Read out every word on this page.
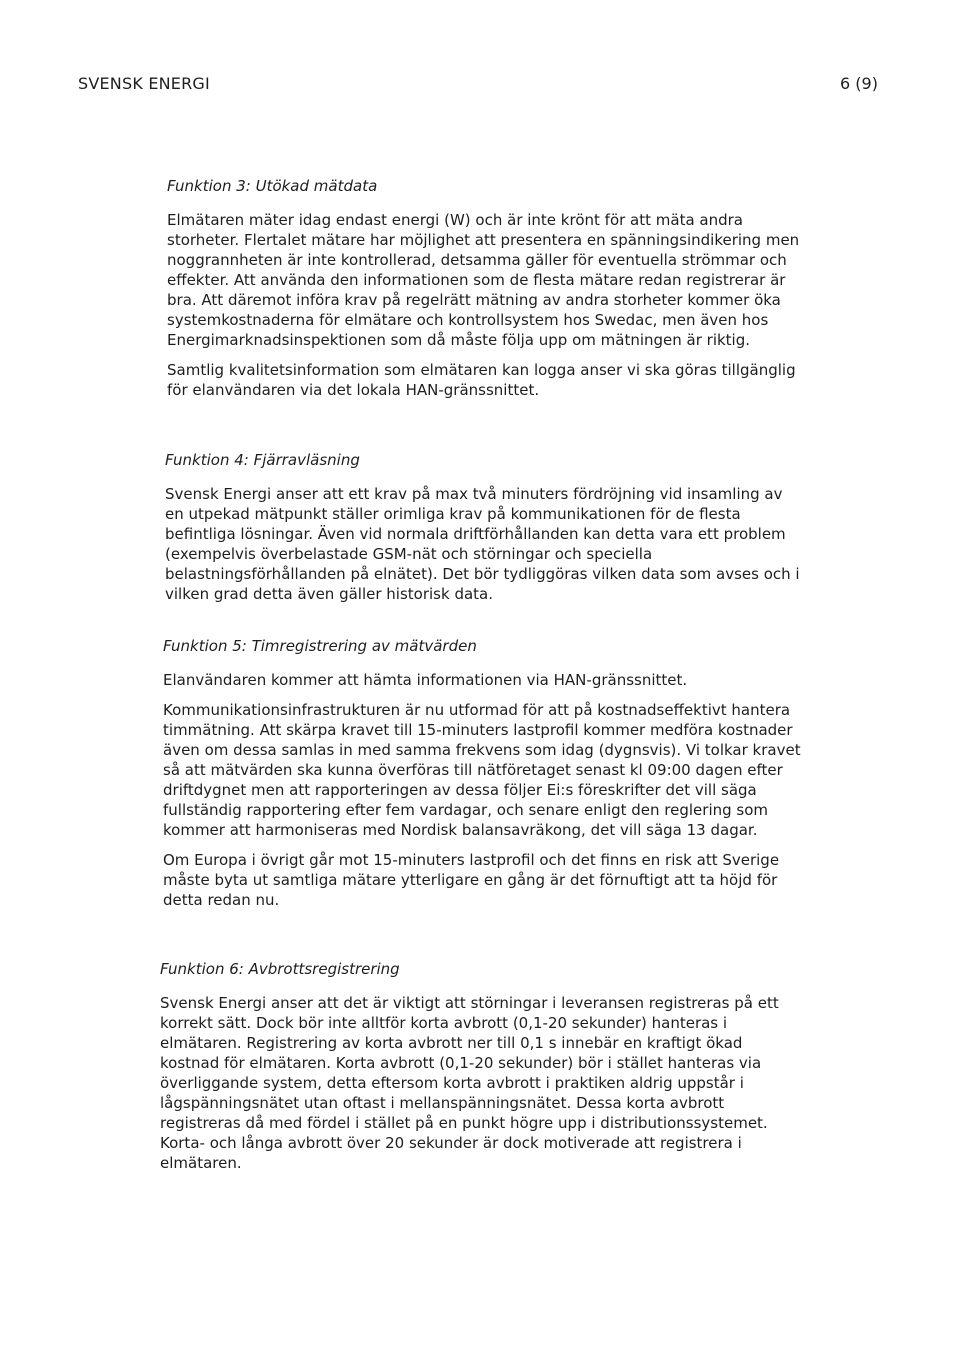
SVENSK ENERGI	6 (9)
Funktion 3: Utökad mätdata

Elmätaren mäter idag endast energi (W) och är inte krönt för att mäta andra storheter. Flertalet mätare har möjlighet att presentera en spänningsindikering men noggrannheten är inte kontrollerad, detsamma gäller för eventuella strömmar och effekter. Att använda den informationen som de flesta mätare redan registrerar är bra. Att däremot införa krav på regelrätt mätning av andra storheter kommer öka systemkostnaderna för elmätare och kontrollsystem hos Swedac, men även hos Energimarknadsinspektionen som då måste följa upp om mätningen är riktig.

Samtlig kvalitetsinformation som elmätaren kan logga anser vi ska göras tillgänglig för elanvändaren via det lokala HAN-gränssnittet.

Funktion 4: Fjärravläsning

Svensk Energi anser att ett krav på max två minuters fördröjning vid insamling av en utpekad mätpunkt ställer orimliga krav på kommunikationen för de flesta befintliga lösningar. Även vid normala driftförhållanden kan detta vara ett problem (exempelvis överbelastade GSM-nät och störningar och speciella belastningsförhållanden på elnätet). Det bör tydliggöras vilken data som avses och i vilken grad detta även gäller historisk data.

Funktion 5: Timregistrering av mätvärden

Elanvändaren kommer att hämta informationen via HAN-gränssnittet.

Kommunikationsinfrastrukturen är nu utformad för att på kostnadseffektivt hantera timmätning. Att skärpa kravet till 15-minuters lastprofil kommer medföra kostnader även om dessa samlas in med samma frekvens som idag (dygnsvis). Vi tolkar kravet så att mätvärden ska kunna överföras till nätföretaget senast kl 09:00 dagen efter driftdygnet men att rapporteringen av dessa följer Ei:s föreskrifter det vill säga fullständig rapportering efter fem vardagar, och senare enligt den reglering som kommer att harmoniseras med Nordisk balansavräkong, det vill säga 13 dagar.

Om Europa i övrigt går mot 15-minuters lastprofil och det finns en risk att Sverige måste byta ut samtliga mätare ytterligare en gång är det förnuftigt att ta höjd för detta redan nu.

Funktion 6: Avbrottsregistrering

Svensk Energi anser att det är viktigt att störningar i leveransen registreras på ett korrekt sätt. Dock bör inte alltför korta avbrott (0,1-20 sekunder) hanteras i elmätaren. Registrering av korta avbrott ner till 0,1 s innebär en kraftigt ökad kostnad för elmätaren. Korta avbrott (0,1-20 sekunder) bör i stället hanteras via överliggande system, detta eftersom korta avbrott i praktiken aldrig uppstår i lågspänningsnätet utan oftast i mellanspänningsnätet. Dessa korta avbrott registreras då med fördel i stället på en punkt högre upp i distributionssystemet. Korta- och långa avbrott över 20 sekunder är dock motiverade att registrera i elmätaren.
